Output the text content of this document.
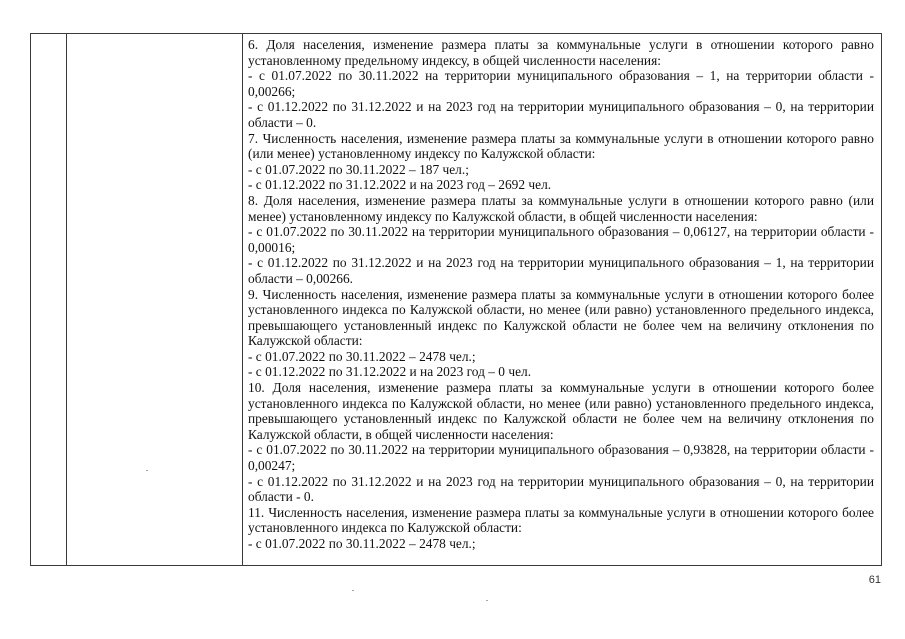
6. Доля населения, изменение размера платы за коммунальные услуги в отношении которого равно установленному предельному индексу, в общей численности населения:

- с 01.07.2022 по 30.11.2022 на территории муниципального образования – 1, на территории области - 0,00266;

- с 01.12.2022 по 31.12.2022 и на 2023 год на территории муниципального образования – 0, на территории области – 0.

7. Численность населения, изменение размера платы за коммунальные услуги в отношении которого равно (или менее) установленному индексу по Калужской области:

- с 01.07.2022 по 30.11.2022 – 187 чел.;

- с 01.12.2022 по 31.12.2022 и на 2023 год – 2692 чел.

8. Доля населения, изменение размера платы за коммунальные услуги в отношении которого равно (или менее) установленному индексу по Калужской области, в общей численности населения:

- с 01.07.2022 по 30.11.2022 на территории муниципального образования – 0,06127, на территории области - 0,00016;

- с 01.12.2022 по 31.12.2022 и на 2023 год на территории муниципального образования – 1, на территории области – 0,00266.

9. Численность населения, изменение размера платы за коммунальные услуги в отношении которого более установленного индекса по Калужской области, но менее (или равно) установленного предельного индекса, превышающего установленный индекс по Калужской области не более чем на величину отклонения по Калужской области:

- с 01.07.2022 по 30.11.2022 – 2478 чел.;

- с 01.12.2022 по 31.12.2022 и на 2023 год – 0 чел.

10. Доля населения, изменение размера платы за коммунальные услуги в отношении которого более установленного индекса по Калужской области, но менее (или равно) установленного предельного индекса, превышающего установленный индекс по Калужской области не более чем на величину отклонения по Калужской области, в общей численности населения:

- с 01.07.2022 по 30.11.2022 на территории муниципального образования – 0,93828, на территории области - 0,00247;

- с 01.12.2022 по 31.12.2022 и на 2023 год на территории муниципального образования – 0, на территории области - 0.

11. Численность населения, изменение размера платы за коммунальные услуги в отношении которого более установленного индекса по Калужской области:

- с 01.07.2022 по 30.11.2022 – 2478 чел.;

61
